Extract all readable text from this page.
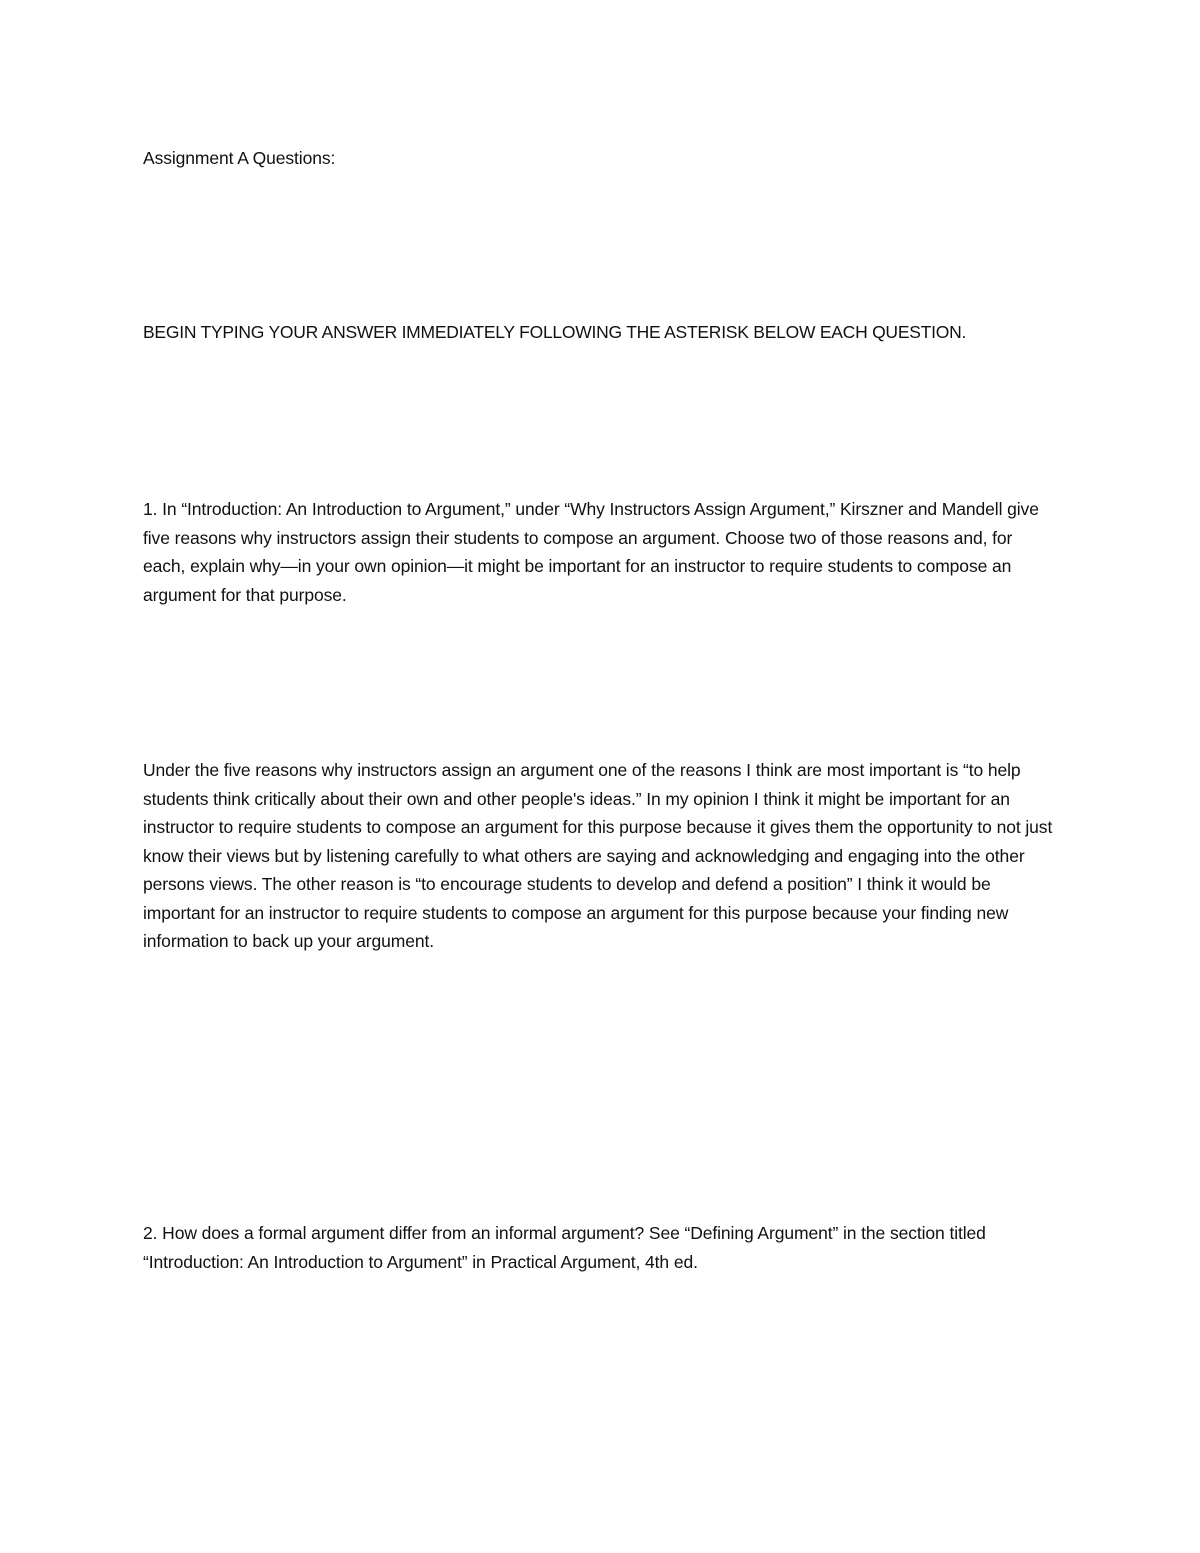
Assignment A Questions:

BEGIN TYPING YOUR ANSWER IMMEDIATELY FOLLOWING THE ASTERISK BELOW EACH QUESTION.

1. In “Introduction: An Introduction to Argument,” under “Why Instructors Assign Argument,” Kirszner and Mandell give five reasons why instructors assign their students to compose an argument. Choose two of those reasons and, for each, explain why—in your own opinion—it might be important for an instructor to require students to compose an argument for that purpose.

Under the five reasons why instructors assign an argument one of the reasons I think are most important is “to help students think critically about their own and other people's ideas.” In my opinion I think it might be important for an instructor to require students to compose an argument for this purpose because it gives them the opportunity to not just know their views but by listening carefully to what others are saying and acknowledging and engaging into the other persons views. The other reason is “to encourage students to develop and defend a position” I think it would be important for an instructor to require students to compose an argument for this purpose because your finding new information to back up your argument.

2. How does a formal argument differ from an informal argument? See “Defining Argument” in the section titled “Introduction: An Introduction to Argument” in Practical Argument, 4th ed.
